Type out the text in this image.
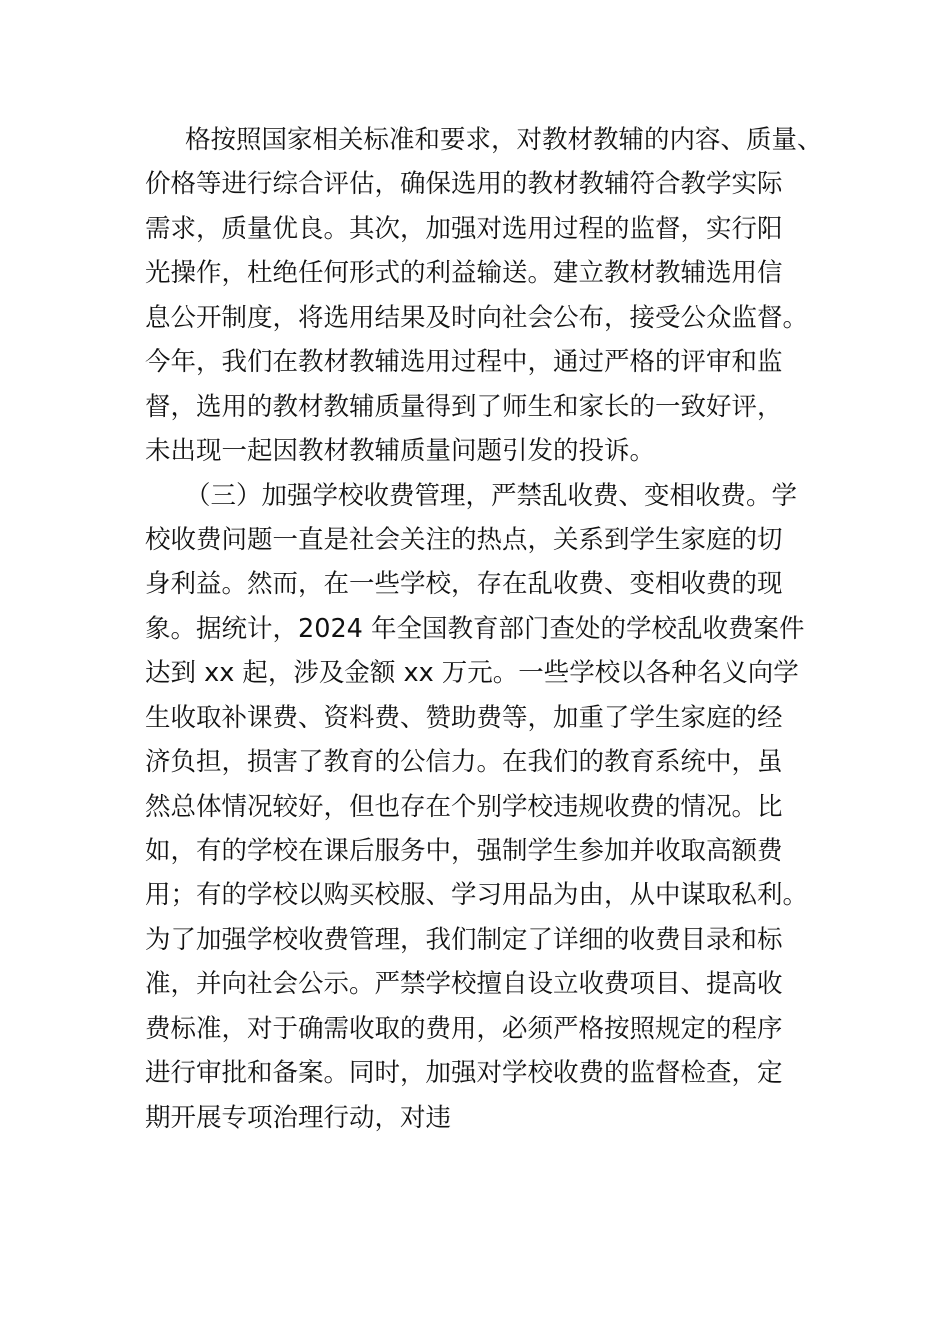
格按照国家相关标准和要求，对教材教辅的内容、质量、
价格等进行综合评估，确保选用的教材教辅符合教学实际
需求，质量优良。其次，加强对选用过程的监督，实行阳
光操作，杜绝任何形式的利益输送。建立教材教辅选用信
息公开制度，将选用结果及时向社会公布，接受公众监督。
今年，我们在教材教辅选用过程中，通过严格的评审和监
督，选用的教材教辅质量得到了师生和家长的一致好评，
未出现一起因教材教辅质量问题引发的投诉。
（三）加强学校收费管理，严禁乱收费、变相收费。学
校收费问题一直是社会关注的热点，关系到学生家庭的切
身利益。然而，在一些学校，存在乱收费、变相收费的现
象。据统计，2024 年全国教育部门查处的学校乱收费案件
达到 xx 起，涉及金额 xx 万元。一些学校以各种名义向学
生收取补课费、资料费、赞助费等，加重了学生家庭的经
济负担，损害了教育的公信力。在我们的教育系统中，虽
然总体情况较好，但也存在个别学校违规收费的情况。比
如，有的学校在课后服务中，强制学生参加并收取高额费
用；有的学校以购买校服、学习用品为由，从中谋取私利。
为了加强学校收费管理，我们制定了详细的收费目录和标
准，并向社会公示。严禁学校擅自设立收费项目、提高收
费标准，对于确需收取的费用，必须严格按照规定的程序
进行审批和备案。同时，加强对学校收费的监督检查，定
期开展专项治理行动，对违
